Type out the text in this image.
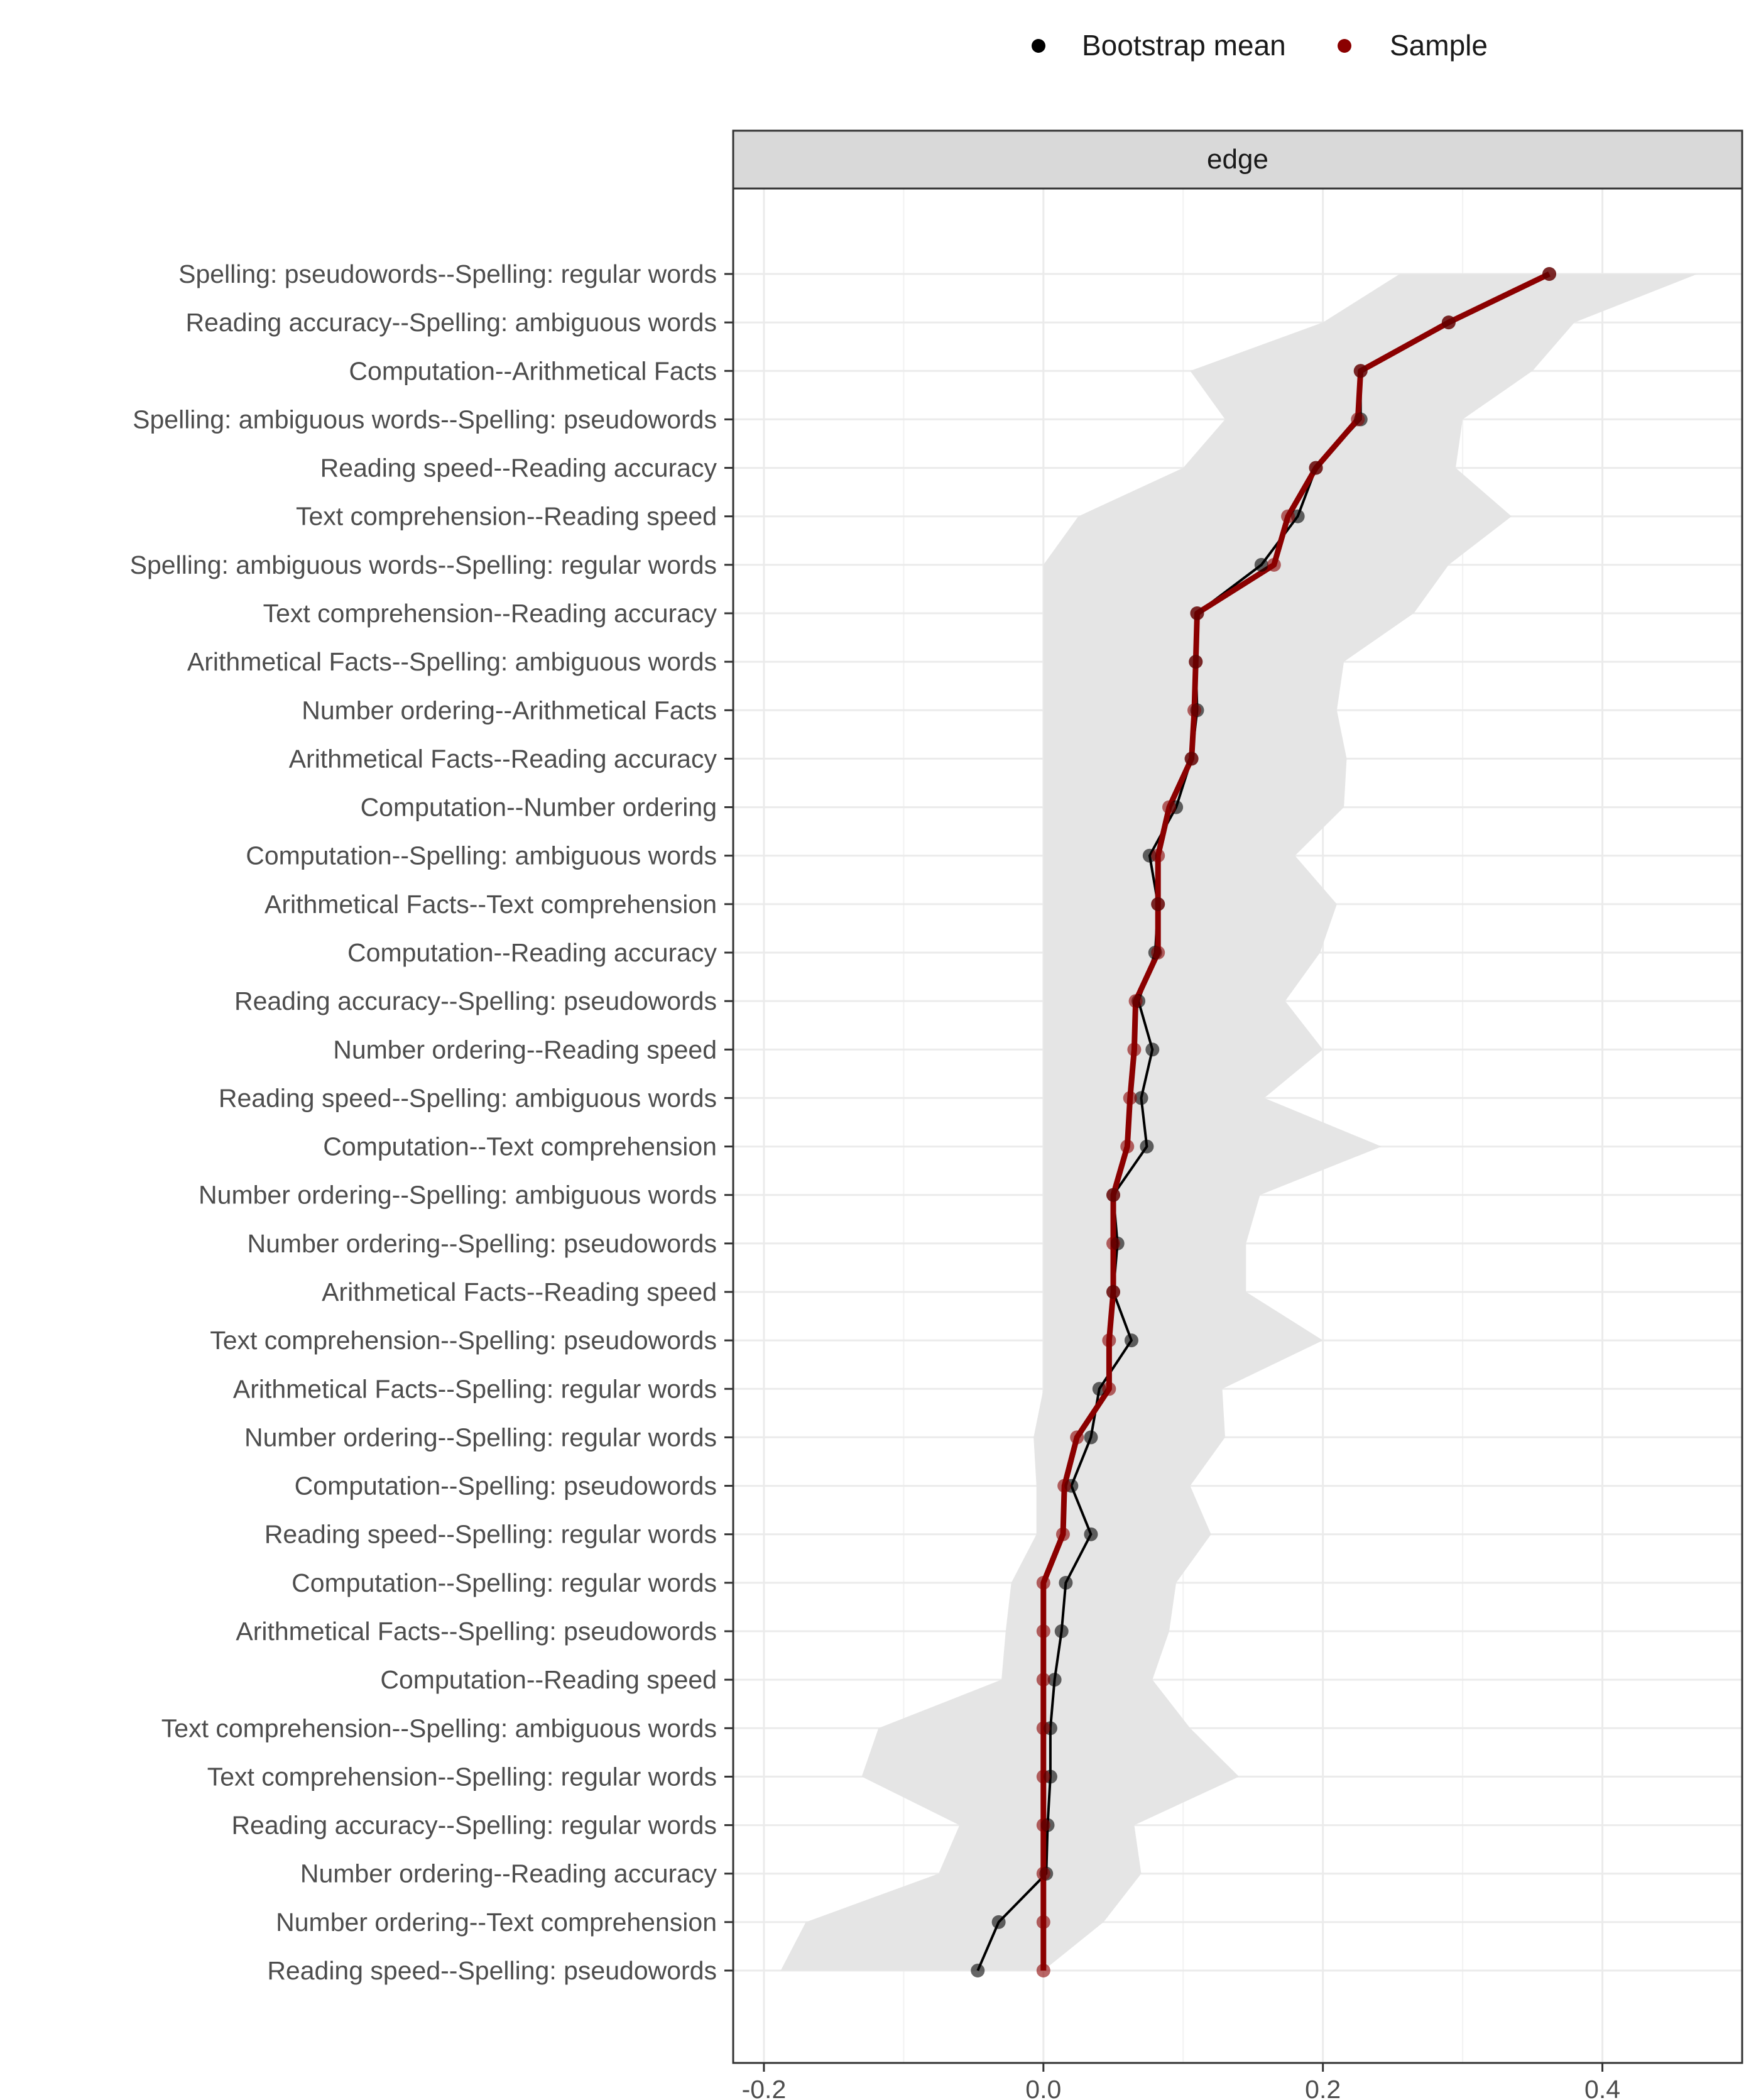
Bootstrap mean	Sample
edge
Spelling: pseudowords--Spelling: regular words
Reading accuracy--Spelling: ambiguous words
Computation--Arithmetical Facts
Spelling: ambiguous words--Spelling: pseudowords
Reading speed--Reading accuracy
Text comprehension--Reading speed
Spelling: ambiguous words--Spelling: regular words
Text comprehension--Reading accuracy
Arithmetical Facts--Spelling: ambiguous words
Number ordering--Arithmetical Facts
Arithmetical Facts--Reading accuracy
Computation--Number ordering
Computation--Spelling: ambiguous words
Arithmetical Facts--Text comprehension
Computation--Reading accuracy
Reading accuracy--Spelling: pseudowords
Number ordering--Reading speed
Reading speed--Spelling: ambiguous words
Computation--Text comprehension
Number ordering--Spelling: ambiguous words
Number ordering--Spelling: pseudowords
Arithmetical Facts--Reading speed
Text comprehension--Spelling: pseudowords
Arithmetical Facts--Spelling: regular words
Number ordering--Spelling: regular words
Computation--Spelling: pseudowords
Reading speed--Spelling: regular words
Computation--Spelling: regular words
Arithmetical Facts--Spelling: pseudowords
Computation--Reading speed
Text comprehension--Spelling: ambiguous words
Text comprehension--Spelling: regular words
Reading accuracy--Spelling: regular words
Number ordering--Reading accuracy
Number ordering--Text comprehension
Reading speed--Spelling: pseudowords
-0.2	0.0	0.2	0.4
